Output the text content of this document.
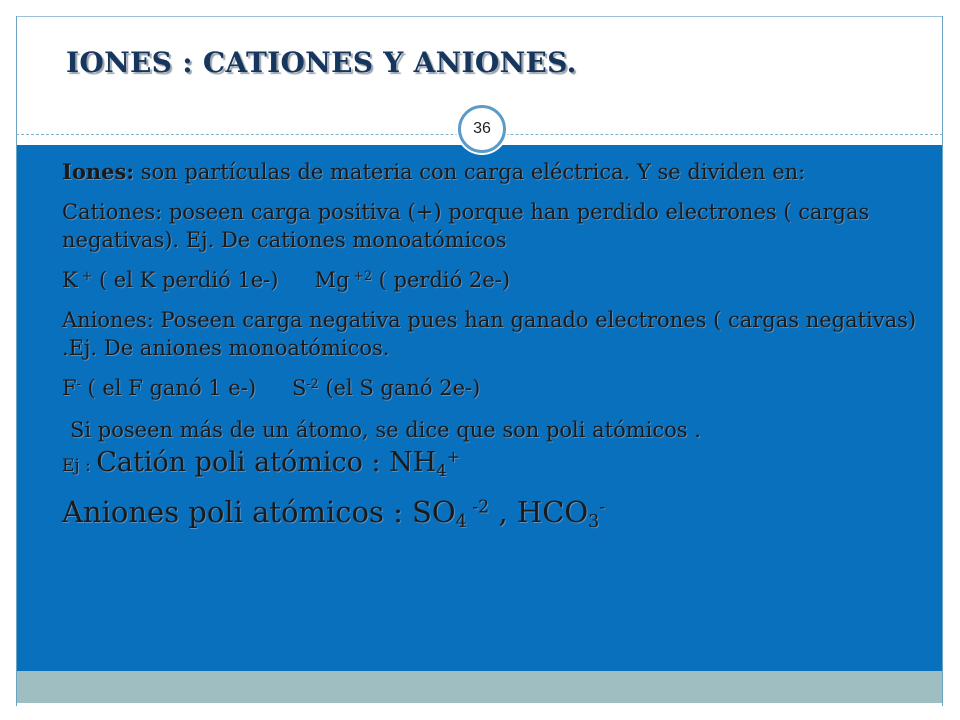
IONES : CATIONES Y ANIONES.
36

Iones: son partículas de materia con carga eléctrica. Y se dividen en:

Cationes: poseen carga positiva (+) porque han perdido electrones ( cargas negativas). Ej. De cationes monoatómicos

K + ( el K perdió 1e-) Mg $^{+2}$ ( perdió 2e-)

Aniones: Poseen carga negativa pues han ganado electrones ( cargas negativas) .Ej. De aniones monoatómicos.

F- ( el F ganó 1 e-) $S^{-2}$ (el S ganó 2e-)

Si poseen más de un átomo, se dice que son poli atómicos .

Ej : Catión poli atómico : $NH_4^+$

Aniones poli atómicos : $SO_4$ $^{-2}$ , $HCO_3^-$
